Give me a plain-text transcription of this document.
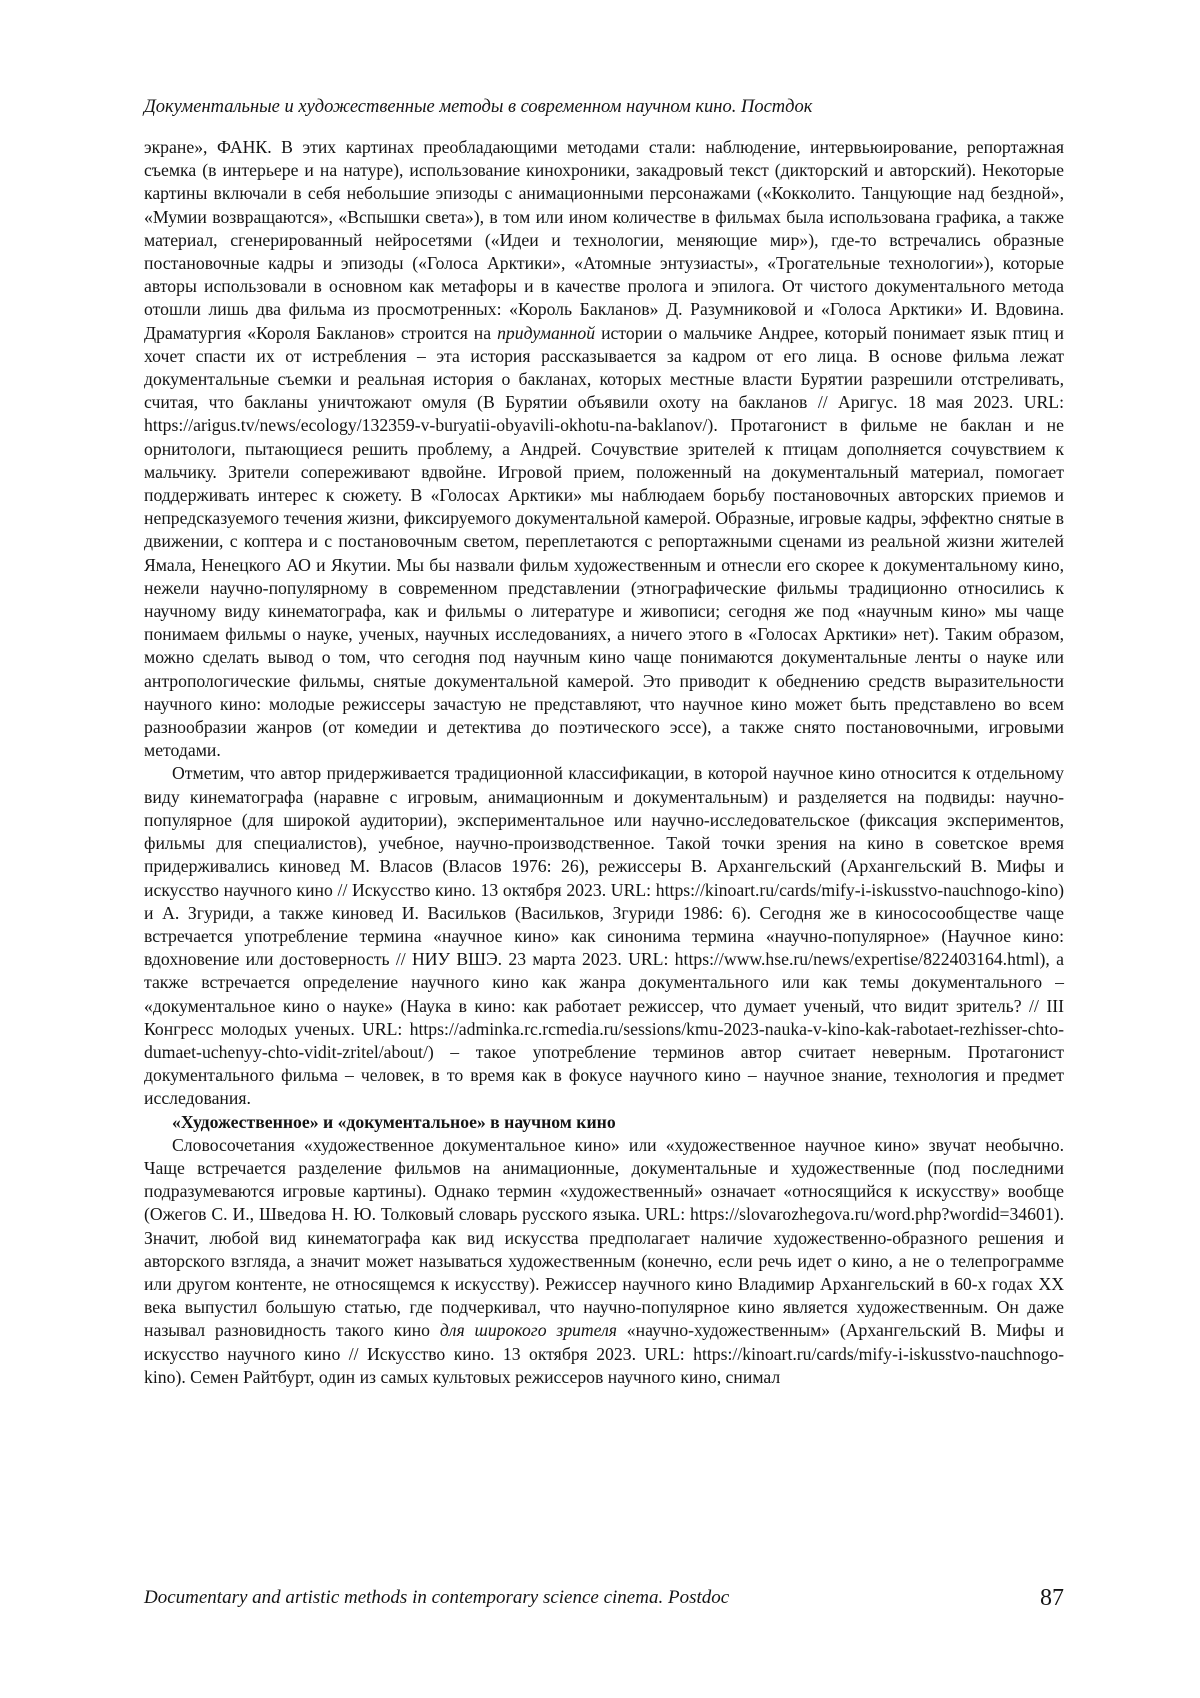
Документальные и художественные методы в современном научном кино. Постдок

экране», ФАНК. В этих картинах преобладающими методами стали: наблюдение, интервьюирование, репортажная съемка (в интерьере и на натуре), использование кинохроники, закадровый текст (дикторский и авторский). Некоторые картины включали в себя небольшие эпизоды с анимационными персонажами («Кокколито. Танцующие над бездной», «Мумии возвращаются», «Вспышки света»), в том или ином количестве в фильмах была использована графика, а также материал, сгенерированный нейросетями («Идеи и технологии, меняющие мир»), где-то встречались образные постановочные кадры и эпизоды («Голоса Арктики», «Атомные энтузиасты», «Трогательные технологии»), которые авторы использовали в основном как метафоры и в качестве пролога и эпилога. От чистого документального метода отошли лишь два фильма из просмотренных: «Король Бакланов» Д. Разумниковой и «Голоса Арктики» И. Вдовина. Драматургия «Короля Бакланов» строится на придуманной истории о мальчике Андрее, который понимает язык птиц и хочет спасти их от истребления – эта история рассказывается за кадром от его лица. В основе фильма лежат документальные съемки и реальная история о бакланах, которых местные власти Бурятии разрешили отстреливать, считая, что бакланы уничтожают омуля (В Бурятии объявили охоту на бакланов // Аригус. 18 мая 2023. URL: https://arigus.tv/news/ecology/132359-v-buryatii-obyavili-okhotu-na-baklanov/). Протагонист в фильме не баклан и не орнитологи, пытающиеся решить проблему, а Андрей. Сочувствие зрителей к птицам дополняется сочувствием к мальчику. Зрители сопереживают вдвойне. Игровой прием, положенный на документальный материал, помогает поддерживать интерес к сюжету. В «Голосах Арктики» мы наблюдаем борьбу постановочных авторских приемов и непредсказуемого течения жизни, фиксируемого документальной камерой. Образные, игровые кадры, эффектно снятые в движении, с коптера и с постановочным светом, переплетаются с репортажными сценами из реальной жизни жителей Ямала, Ненецкого АО и Якутии. Мы бы назвали фильм художественным и отнесли его скорее к документальному кино, нежели научно-популярному в современном представлении (этнографические фильмы традиционно относились к научному виду кинематографа, как и фильмы о литературе и живописи; сегодня же под «научным кино» мы чаще понимаем фильмы о науке, ученых, научных исследованиях, а ничего этого в «Голосах Арктики» нет). Таким образом, можно сделать вывод о том, что сегодня под научным кино чаще понимаются документальные ленты о науке или антропологические фильмы, снятые документальной камерой. Это приводит к обеднению средств выразительности научного кино: молодые режиссеры зачастую не представляют, что научное кино может быть представлено во всем разнообразии жанров (от комедии и детектива до поэтического эссе), а также снято постановочными, игровыми методами.

Отметим, что автор придерживается традиционной классификации, в которой научное кино относится к отдельному виду кинематографа (наравне с игровым, анимационным и документальным) и разделяется на подвиды: научно-популярное (для широкой аудитории), экспериментальное или научно-исследовательское (фиксация экспериментов, фильмы для специалистов), учебное, научно-производственное. Такой точки зрения на кино в советское время придерживались киновед М. Власов (Власов 1976: 26), режиссеры В. Архангельский (Архангельский В. Мифы и искусство научного кино // Искусство кино. 13 октября 2023. URL: https://kinoart.ru/cards/mify-i-iskusstvo-nauchnogo-kino) и А. Згуриди, а также киновед И. Васильков (Васильков, Згуриди 1986: 6). Сегодня же в кинососообществе чаще встречается употребление термина «научное кино» как синонима термина «научно-популярное» (Научное кино: вдохновение или достоверность // НИУ ВШЭ. 23 марта 2023. URL: https://www.hse.ru/news/expertise/822403164.html), а также встречается определение научного кино как жанра документального или как темы документального – «документальное кино о науке» (Наука в кино: как работает режиссер, что думает ученый, что видит зритель? // III Конгресс молодых ученых. URL: https://adminka.rc.rcmedia.ru/sessions/kmu-2023-nauka-v-kino-kak-rabotaet-rezhisser-chto-dumaet-uchenyy-chto-vidit-zritel/about/) – такое употребление терминов автор считает неверным. Протагонист документального фильма – человек, в то время как в фокусе научного кино – научное знание, технология и предмет исследования.

«Художественное» и «документальное» в научном кино

Словосочетания «художественное документальное кино» или «художественное научное кино» звучат необычно. Чаще встречается разделение фильмов на анимационные, документальные и художественные (под последними подразумеваются игровые картины). Однако термин «художественный» означает «относящийся к искусству» вообще (Ожегов С. И., Шведова Н. Ю. Толковый словарь русского языка. URL: https://slovarozhegova.ru/word.php?wordid=34601). Значит, любой вид кинематографа как вид искусства предполагает наличие художественно-образного решения и авторского взгляда, а значит может называться художественным (конечно, если речь идет о кино, а не о телепрограмме или другом контенте, не относящемся к искусству). Режиссер научного кино Владимир Архангельский в 60-х годах XX века выпустил большую статью, где подчеркивал, что научно-популярное кино является художественным. Он даже называл разновидность такого кино для широкого зрителя «научно-художественным» (Архангельский В. Мифы и искусство научного кино // Искусство кино. 13 октября 2023. URL: https://kinoart.ru/cards/mify-i-iskusstvo-nauchnogo-kino). Семен Райтбурт, один из самых культовых режиссеров научного кино, снимал

Documentary and artistic methods in contemporary science cinema. Postdoc	87
